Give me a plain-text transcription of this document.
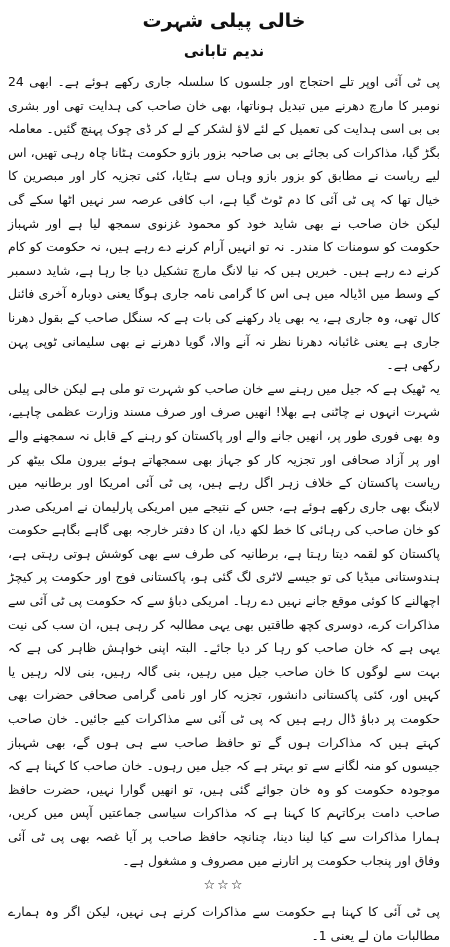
خالی پیلی شہرت
ندیم تابانی

پی ٹی آئی اوپر تلے احتجاج اور جلسوں کا سلسلہ جاری رکھے ہوئے ہے۔ ابھی 24 نومبر کا مارچ دھرنے میں تبدیل ہوناتھا، بھی خان صاحب کی ہدایت تھی اور بشری بی بی اسی ہدایت کی تعمیل کے لئے لاؤ لشکر کے لے کر ڈی چوک پہنچ گئیں۔ معاملہ بگڑ گیا، مذاکرات کی بجائے بی بی صاحبہ بزور بازو حکومت ہٹانا چاہ رہی تھیں، اس لیے ریاست نے مطابق کو بزور بازو وہاں سے ہٹایا، کئی تجزیہ کار اور مبصرین کا خیال تھا کہ پی ٹی آئی کا دم ٹوٹ گیا ہے، اب کافی عرصہ سر نہیں اٹھا سکے گی لیکن خان صاحب نے بھی شاید خود کو محمود غزنوی سمجھ لیا ہے اور شہباز حکومت کو سومنات کا مندر۔ نہ تو انہیں آرام کرنے دے رہے ہیں، نہ حکومت کو کام کرنے دے رہے ہیں۔ خبریں ہیں کہ نیا لانگ مارچ تشکیل دیا جا رہا ہے، شاید دسمبر کے وسط میں اڈیالہ میں ہی اس کا گرامی نامہ جاری ہوگا یعنی دوبارہ آخری فائنل کال تھی، وہ جاری ہے، یہ بھی یاد رکھنے کی بات ہے کہ سنگل صاحب کے بقول دھرنا جاری ہے یعنی غائبانہ دھرنا نظر نہ آنے والا، گویا دھرنے نے بھی سلیمانی ٹوپی پہن رکھی ہے۔

یہ ٹھیک ہے کہ جیل میں رہنے سے خان صاحب کو شہرت تو ملی ہے لیکن خالی پیلی شہرت انہوں نے چاٹنی ہے بھلا! انھیں صرف اور صرف مسند وزارت عظمی چاہیے، وہ بھی فوری طور پر، انھیں جانے والے اور پاکستان کو رہنے کے قابل نہ سمجھنے والے اور پر آزاد صحافی اور تجزیہ کار کو جہاز بھی سمجھاتے ہوئے بیرون ملک بیٹھ کر ریاست پاکستان کے خلاف زہر اگل رہے ہیں، پی ٹی آئی امریکا اور برطانیہ میں لابنگ بھی جاری رکھے ہوئے ہے، جس کے نتیجے میں امریکی پارلیمان نے امریکی صدر کو خان صاحب کی رہائی کا خط لکھ دیا، ان کا دفتر خارجہ بھی گاہے بگاہے حکومت پاکستان کو لقمہ دیتا رہتا ہے، برطانیہ کی طرف سے بھی کوشش ہوتی رہتی ہے، ہندوستانی میڈیا کی تو جیسے لاٹری لگ گئی ہو، پاکستانی فوج اور حکومت پر کیچڑ اچھالنے کا کوئی موقع جانے نہیں دے رہا۔ امریکی دباؤ سے کہ حکومت پی ٹی آئی سے مذاکرات کرے، دوسری کچھ طاقتیں بھی یہی مطالبہ کر رہی ہیں، ان سب کی نیت یہی ہے کہ خان صاحب کو رہا کر دیا جائے۔ البتہ اپنی خواہش ظاہر کی ہے کہ بہت سے لوگوں کا خان صاحب جیل میں رہیں، بنی گالہ رہیں، بنی لالہ رہیں یا کہیں اور، کئی پاکستانی دانشور، تجزیہ کار اور نامی گرامی صحافی حضرات بھی حکومت پر دباؤ ڈال رہے ہیں کہ پی ٹی آئی سے مذاکرات کیے جائیں۔ خان صاحب کہتے ہیں کہ مذاکرات ہوں گے تو حافظ صاحب سے ہی ہوں گے، بھی شہباز جیسوں کو منہ لگانے سے تو بہتر ہے کہ جیل میں رہوں۔ خان صاحب کا کہنا ہے کہ موجودہ حکومت کو وہ خان جوائے گئی ہیں، تو انھیں گوارا نہیں، حضرت حافظ صاحب دامت برکاتہم کا کہنا ہے کہ مذاکرات سیاسی جماعتیں آپس میں کریں، ہمارا مذاکرات سے کیا لینا دینا، چنانچہ حافظ صاحب پر آیا غصہ بھی پی ٹی آئی وفاق اور پنجاب حکومت پر اتارنے میں مصروف و مشغول ہے۔

☆☆☆

پی ٹی آئی کا کہنا ہے حکومت سے مذاکرات کرنے ہی نہیں، لیکن اگر وہ ہمارے مطالبات مان لے یعنی 1۔
